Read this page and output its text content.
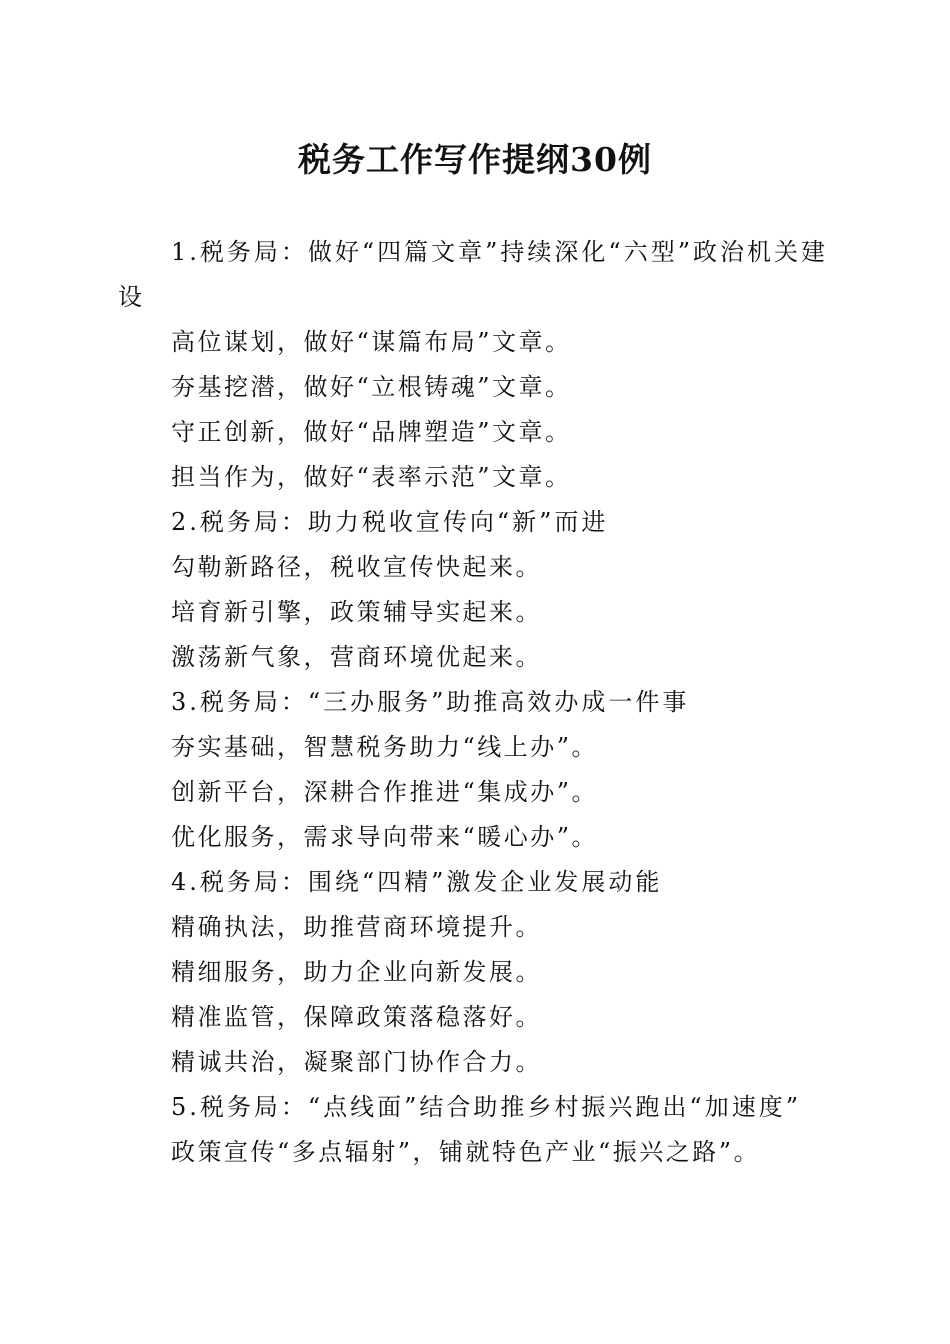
税务工作写作提纲30例

1.税务局：做好“四篇文章”持续深化“六型”政治机关建设

高位谋划，做好“谋篇布局”文章。

夯基挖潜，做好“立根铸魂”文章。

守正创新，做好“品牌塑造”文章。

担当作为，做好“表率示范”文章。

2.税务局：助力税收宣传向“新”而进

勾勒新路径，税收宣传快起来。

培育新引擎，政策辅导实起来。

激荡新气象，营商环境优起来。

3.税务局：“三办服务”助推高效办成一件事

夯实基础，智慧税务助力“线上办”。

创新平台，深耕合作推进“集成办”。

优化服务，需求导向带来“暖心办”。

4.税务局：围绕“四精”激发企业发展动能

精确执法，助推营商环境提升。

精细服务，助力企业向新发展。

精准监管，保障政策落稳落好。

精诚共治，凝聚部门协作合力。

5.税务局：“点线面”结合助推乡村振兴跑出“加速度”

政策宣传“多点辐射”，铺就特色产业“振兴之路”。
